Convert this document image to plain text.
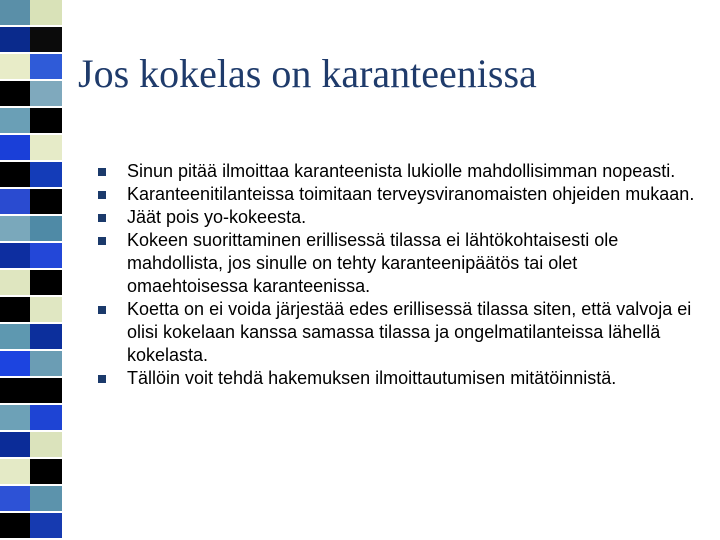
Jos kokelas on karanteenissa
Sinun pitää ilmoittaa karanteenista lukiolle mahdollisimman nopeasti.
Karanteenitilanteissa toimitaan terveysviranomaisten ohjeiden mukaan.
Jäät pois yo-kokeesta.
Kokeen suorittaminen erillisessä tilassa ei lähtökohtaisesti ole mahdollista, jos sinulle on tehty karanteenipäätös tai olet omaehtoisessa karanteenissa.
Koetta on ei voida järjestää edes erillisessä tilassa siten, että valvoja ei olisi kokelaan kanssa samassa tilassa ja ongelmatilanteissa lähellä kokelasta.
Tällöin voit tehdä hakemuksen ilmoittautumisen mitätöinnistä.
